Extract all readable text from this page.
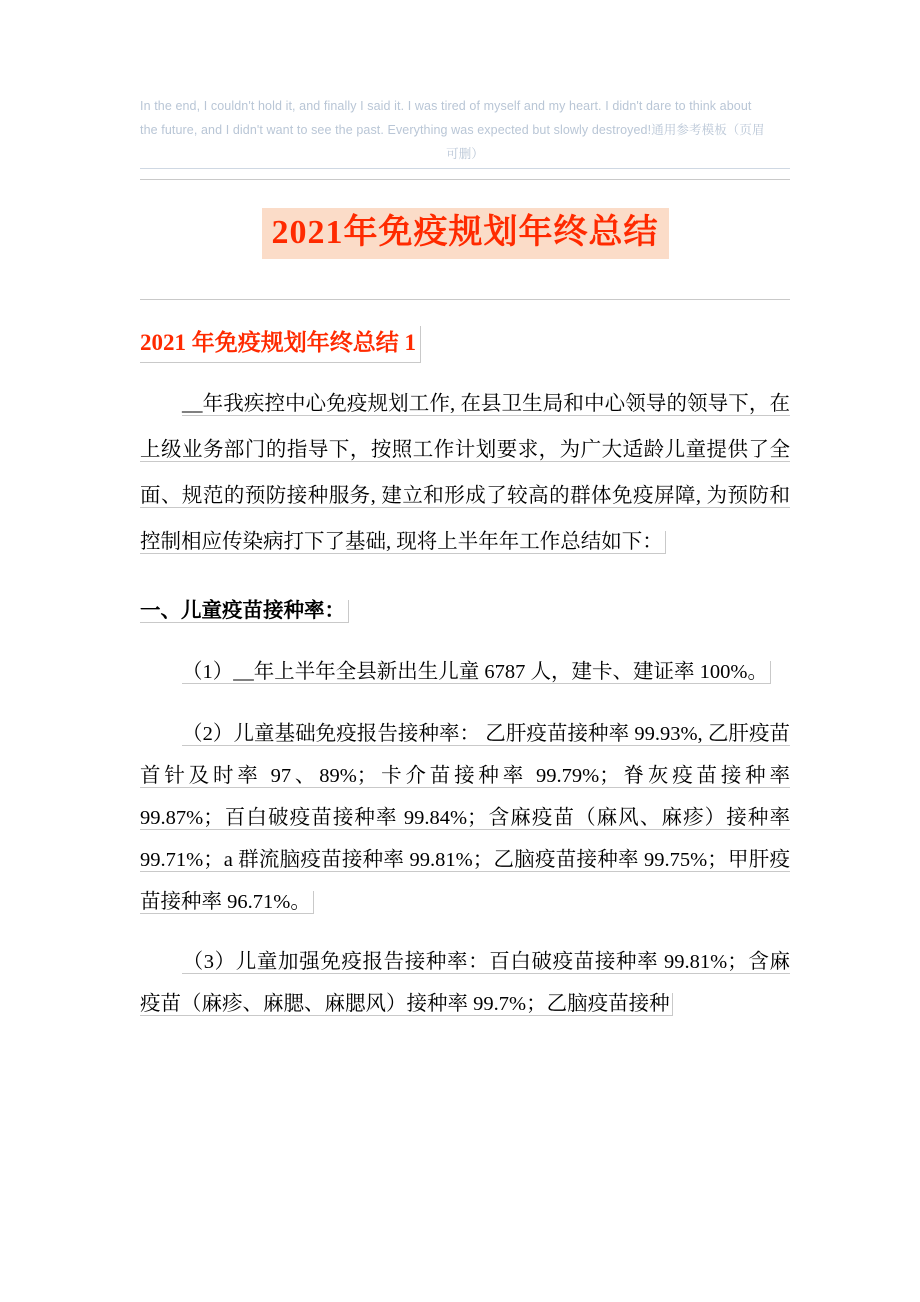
In the end, I couldn't hold it, and finally I said it. I was tired of myself and my heart. I didn't dare to think about
the future, and I didn't want to see the past. Everything was expected but slowly destroyed!通用参考模板（页眉
可删）
2021年免疫规划年终总结
2021 年免疫规划年终总结 1
__年我疾控中心免疫规划工作, 在县卫生局和中心领导的领导下，在上级业务部门的指导下，按照工作计划要求，为广大适龄儿童提供了全面、规范的预防接种服务, 建立和形成了较高的群体免疫屏障, 为预防和控制相应传染病打下了基础, 现将上半年年工作总结如下：
一、儿童疫苗接种率：
（1）__年上半年全县新出生儿童 6787 人，建卡、建证率 100%。
（2）儿童基础免疫报告接种率： 乙肝疫苗接种率 99.93%, 乙肝疫苗首针及时率 97、89%；卡介苗接种率 99.79%；脊灰疫苗接种率 99.87%；百白破疫苗接种率 99.84%；含麻疫苗（麻风、麻疹）接种率 99.71%；a 群流脑疫苗接种率 99.81%；乙脑疫苗接种率 99.75%；甲肝疫苗接种率 96.71%。
（3）儿童加强免疫报告接种率：百白破疫苗接种率 99.81%；含麻疫苗（麻疹、麻腮、麻腮风）接种率 99.7%；乙脑疫苗接种
